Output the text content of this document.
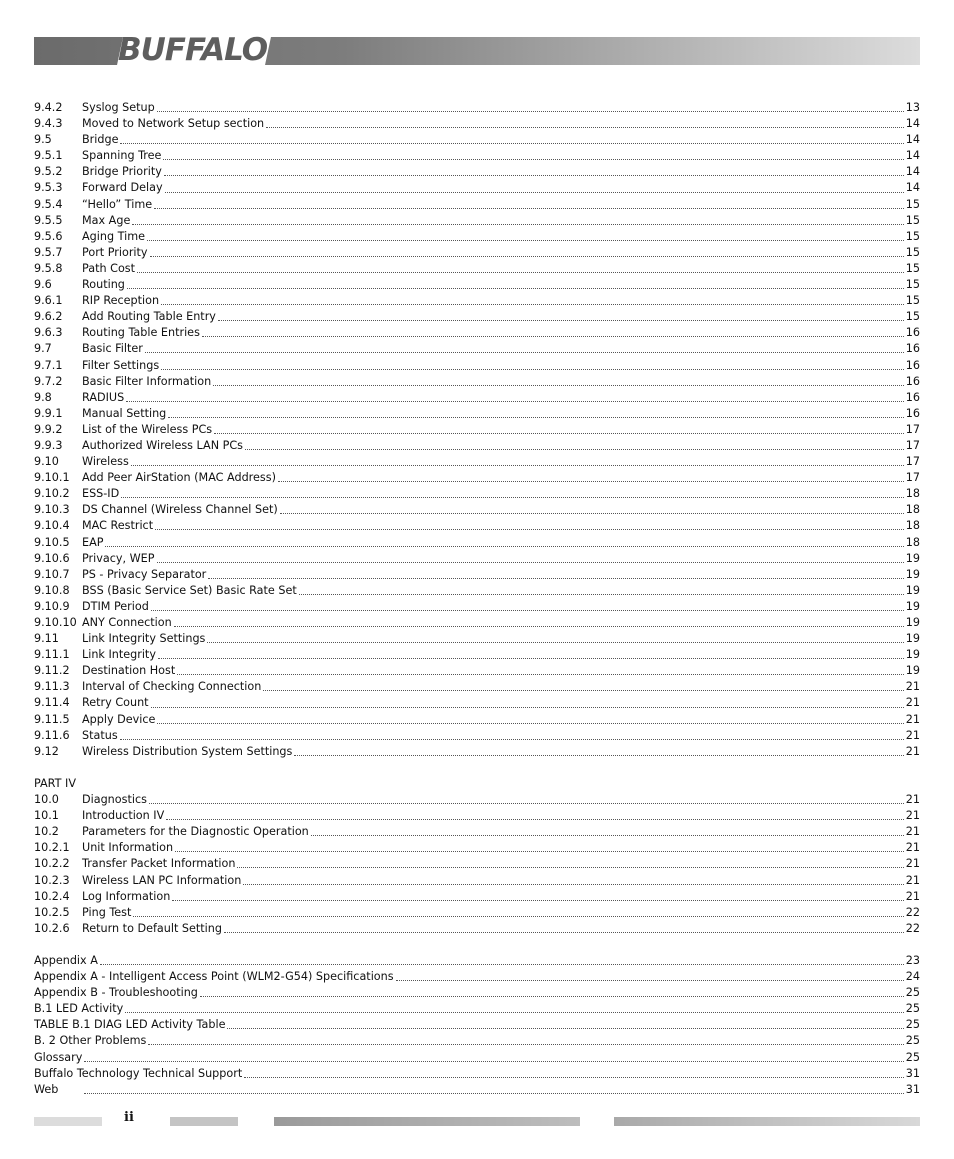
BUFFALO
9.4.2	Syslog Setup	13
9.4.3	Moved to Network Setup section	14
9.5	Bridge	14
9.5.1	Spanning Tree	14
9.5.2	Bridge Priority	14
9.5.3	Forward Delay	14
9.5.4	“Hello” Time	15
9.5.5	Max Age	15
9.5.6	Aging Time	15
9.5.7	Port Priority	15
9.5.8	Path Cost	15
9.6	Routing	15
9.6.1	RIP Reception	15
9.6.2	Add Routing Table Entry	15
9.6.3	Routing Table Entries	16
9.7	Basic Filter	16
9.7.1	Filter Settings	16
9.7.2	Basic Filter Information	16
9.8	RADIUS	16
9.9.1	Manual Setting	16
9.9.2	List of the Wireless PCs	17
9.9.3	Authorized Wireless LAN PCs	17
9.10	Wireless	17
9.10.1	Add Peer AirStation (MAC Address)	17
9.10.2	ESS-ID	18
9.10.3	DS Channel (Wireless Channel Set)	18
9.10.4	MAC Restrict	18
9.10.5	EAP	18
9.10.6	Privacy, WEP	19
9.10.7	PS - Privacy Separator	19
9.10.8	BSS (Basic Service Set) Basic Rate Set	19
9.10.9	DTIM Period	19
9.10.10 ANY Connection	19
9.11	Link Integrity Settings	19
9.11.1	Link Integrity	19
9.11.2	Destination Host	19
9.11.3	Interval of Checking Connection	21
9.11.4	Retry Count	21
9.11.5	Apply Device	21
9.11.6	Status	21
9.12	Wireless Distribution System Settings	21
PART IV
10.0	Diagnostics	21
10.1	Introduction IV	21
10.2	Parameters for the Diagnostic Operation	21
10.2.1	Unit Information	21
10.2.2	Transfer Packet Information	21
10.2.3	Wireless LAN PC Information	21
10.2.4	Log Information	21
10.2.5	Ping Test	22
10.2.6	Return to Default Setting	22
Appendix A	23
Appendix A - Intelligent Access Point (WLM2-G54) Specifications	24
Appendix B - Troubleshooting	25
B.1 LED Activity	25
TABLE B.1 DIAG LED Activity Table	25
B. 2 Other Problems	25
Glossary	25
Buffalo Technology Technical Support	31
Web	31
ii
